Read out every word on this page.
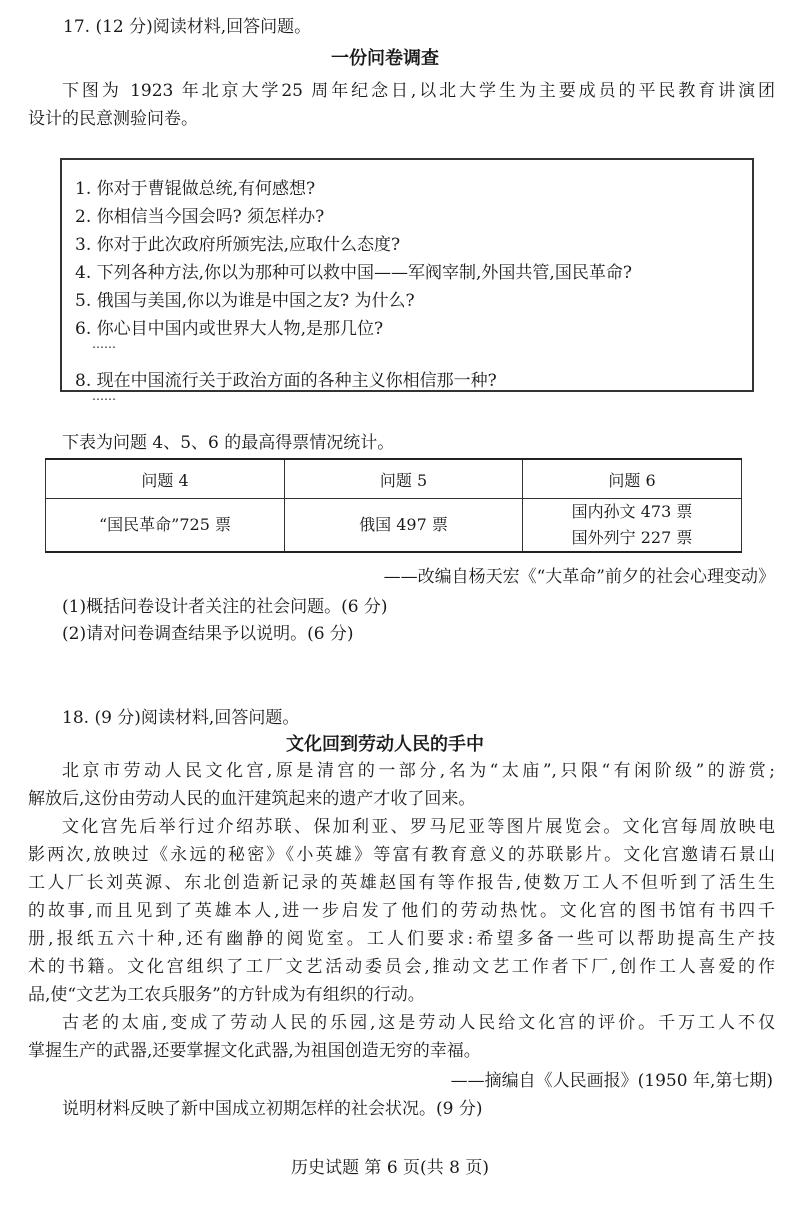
17. (12 分)阅读材料,回答问题。
一份问卷调查
下图为 1923 年北京大学25 周年纪念日,以北大学生为主要成员的平民教育讲演团
设计的民意测验问卷。
1. 你对于曹锟做总统,有何感想?
2. 你相信当今国会吗? 须怎样办?
3. 你对于此次政府所颁宪法,应取什么态度?
4. 下列各种方法,你以为那种可以救中国——军阀宰制,外国共管,国民革命?
5. 俄国与美国,你以为谁是中国之友? 为什么?
6. 你心目中国内或世界大人物,是那几位?
……
8. 现在中国流行关于政治方面的各种主义你相信那一种?
……
下表为问题 4、5、6 的最高得票情况统计。
问题 4	问题 5	问题 6
“国民革命”725 票	俄国 497 票	国内孙文 473 票
国外列宁 227 票
——改编自杨天宏《“大革命”前夕的社会心理变动》
(1)概括问卷设计者关注的社会问题。(6 分)
(2)请对问卷调查结果予以说明。(6 分)
18. (9 分)阅读材料,回答问题。
文化回到劳动人民的手中
北京市劳动人民文化宫,原是清宫的一部分,名为“太庙”,只限“有闲阶级”的游赏;
解放后,这份由劳动人民的血汗建筑起来的遗产才收了回来。
文化宫先后举行过介绍苏联、保加利亚、罗马尼亚等图片展览会。文化宫每周放映电
影两次,放映过《永远的秘密》《小英雄》等富有教育意义的苏联影片。文化宫邀请石景山
工人厂长刘英源、东北创造新记录的英雄赵国有等作报告,使数万工人不但听到了活生生
的故事,而且见到了英雄本人,进一步启发了他们的劳动热忱。文化宫的图书馆有书四千
册,报纸五六十种,还有幽静的阅览室。工人们要求:希望多备一些可以帮助提高生产技
术的书籍。文化宫组织了工厂文艺活动委员会,推动文艺工作者下厂,创作工人喜爱的作
品,使“文艺为工农兵服务”的方针成为有组织的行动。
古老的太庙,变成了劳动人民的乐园,这是劳动人民给文化宫的评价。千万工人不仅
掌握生产的武器,还要掌握文化武器,为祖国创造无穷的幸福。
——摘编自《人民画报》(1950 年,第七期)
说明材料反映了新中国成立初期怎样的社会状况。(9 分)
历史试题 第 6 页(共 8 页)
